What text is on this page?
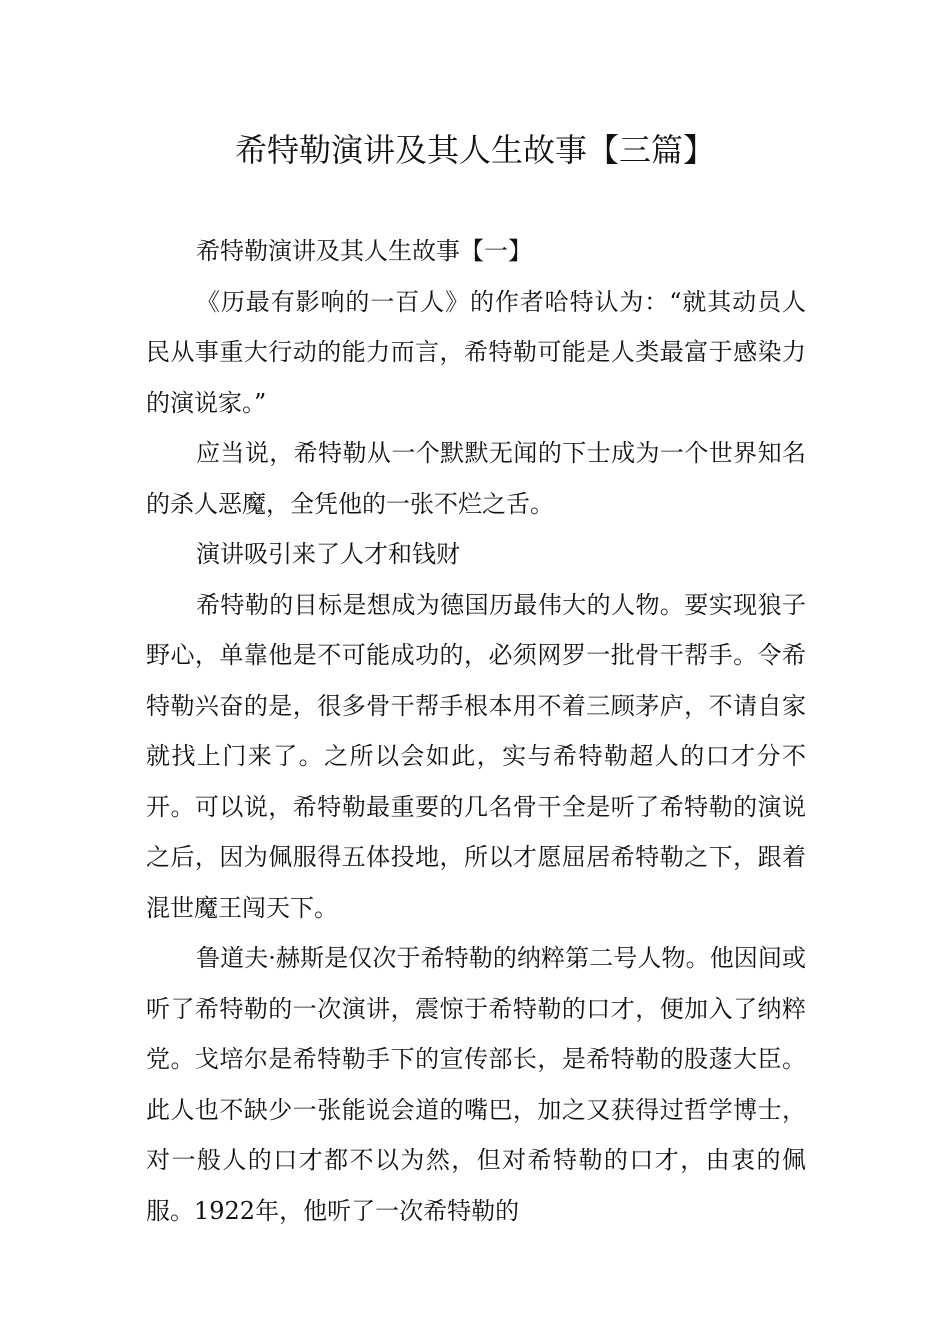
希特勒演讲及其人生故事【三篇】

希特勒演讲及其人生故事【一】

《历最有影响的一百人》的作者哈特认为：“就其动员人民从事重大行动的能力而言，希特勒可能是人类最富于感染力的演说家。”

应当说，希特勒从一个默默无闻的下士成为一个世界知名的杀人恶魔，全凭他的一张不烂之舌。

演讲吸引来了人才和钱财

希特勒的目标是想成为德国历最伟大的人物。要实现狼子野心，单靠他是不可能成功的，必须网罗一批骨干帮手。令希特勒兴奋的是，很多骨干帮手根本用不着三顾茅庐，不请自家就找上门来了。之所以会如此，实与希特勒超人的口才分不开。可以说，希特勒最重要的几名骨干全是听了希特勒的演说之后，因为佩服得五体投地，所以才愿屈居希特勒之下，跟着混世魔王闯天下。

鲁道夫·赫斯是仅次于希特勒的纳粹第二号人物。他因间或听了希特勒的一次演讲，震惊于希特勒的口才，便加入了纳粹党。戈培尔是希特勒手下的宣传部长，是希特勒的股蓫大臣。此人也不缺少一张能说会道的嘴巴，加之又获得过哲学博士，对一般人的口才都不以为然，但对希特勒的口才，由衷的佩服。1922年，他听了一次希特勒的
